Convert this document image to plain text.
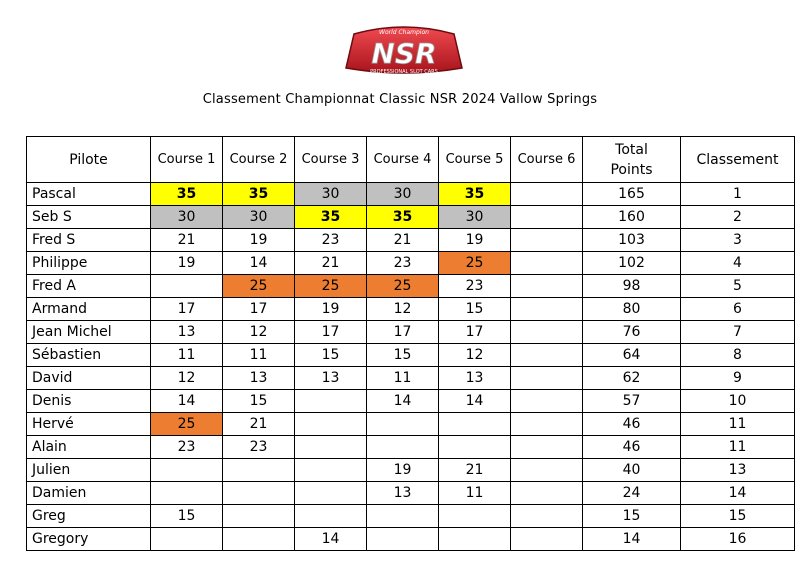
World Champion
NSR
PROFESSIONAL SLOT CARS
Classement Championnat Classic NSR 2024 Vallow Springs
Pilote	Course 1	Course 2	Course 3	Course 4	Course 5	Course 6	Total Points	Classement
Pascal	35	35	30	30	35		165	1
Seb S	30	30	35	35	30		160	2
Fred S	21	19	23	21	19		103	3
Philippe	19	14	21	23	25		102	4
Fred A		25	25	25	23		98	5
Armand	17	17	19	12	15		80	6
Jean Michel	13	12	17	17	17		76	7
Sébastien	11	11	15	15	12		64	8
David	12	13	13	11	13		62	9
Denis	14	15		14	14		57	10
Hervé	25	21					46	11
Alain	23	23					46	11
Julien				19	21		40	13
Damien				13	11		24	14
Greg	15						15	15
Gregory			14				14	16
